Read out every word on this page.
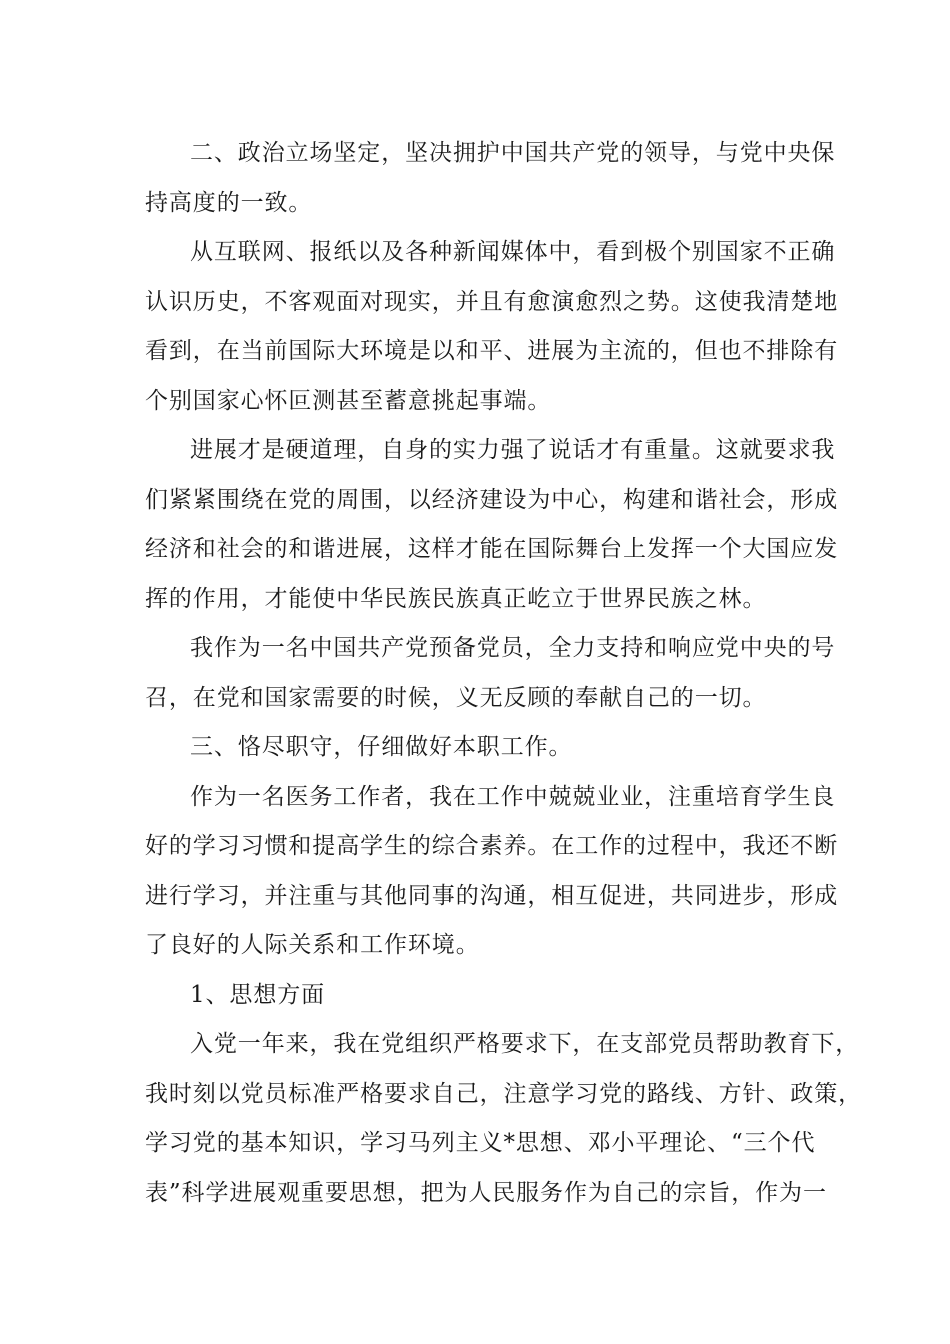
二、政治立场坚定，坚决拥护中国共产党的领导，与党中央保
持高度的一致。
从互联网、报纸以及各种新闻媒体中，看到极个别国家不正确
认识历史，不客观面对现实，并且有愈演愈烈之势。这使我清楚地
看到，在当前国际大环境是以和平、进展为主流的，但也不排除有
个别国家心怀叵测甚至蓄意挑起事端。
进展才是硬道理，自身的实力强了说话才有重量。这就要求我
们紧紧围绕在党的周围，以经济建设为中心，构建和谐社会，形成
经济和社会的和谐进展，这样才能在国际舞台上发挥一个大国应发
挥的作用，才能使中华民族民族真正屹立于世界民族之林。
我作为一名中国共产党预备党员，全力支持和响应党中央的号
召，在党和国家需要的时候，义无反顾的奉献自己的一切。
三、恪尽职守，仔细做好本职工作。
作为一名医务工作者，我在工作中兢兢业业，注重培育学生良
好的学习习惯和提高学生的综合素养。在工作的过程中，我还不断
进行学习，并注重与其他同事的沟通，相互促进，共同进步，形成
了良好的人际关系和工作环境。
1、思想方面
入党一年来，我在党组织严格要求下，在支部党员帮助教育下，
我时刻以党员标准严格要求自己，注意学习党的路线、方针、政策，
学习党的基本知识，学习马列主义*思想、邓小平理论、“三个代
表”科学进展观重要思想，把为人民服务作为自己的宗旨，作为一
